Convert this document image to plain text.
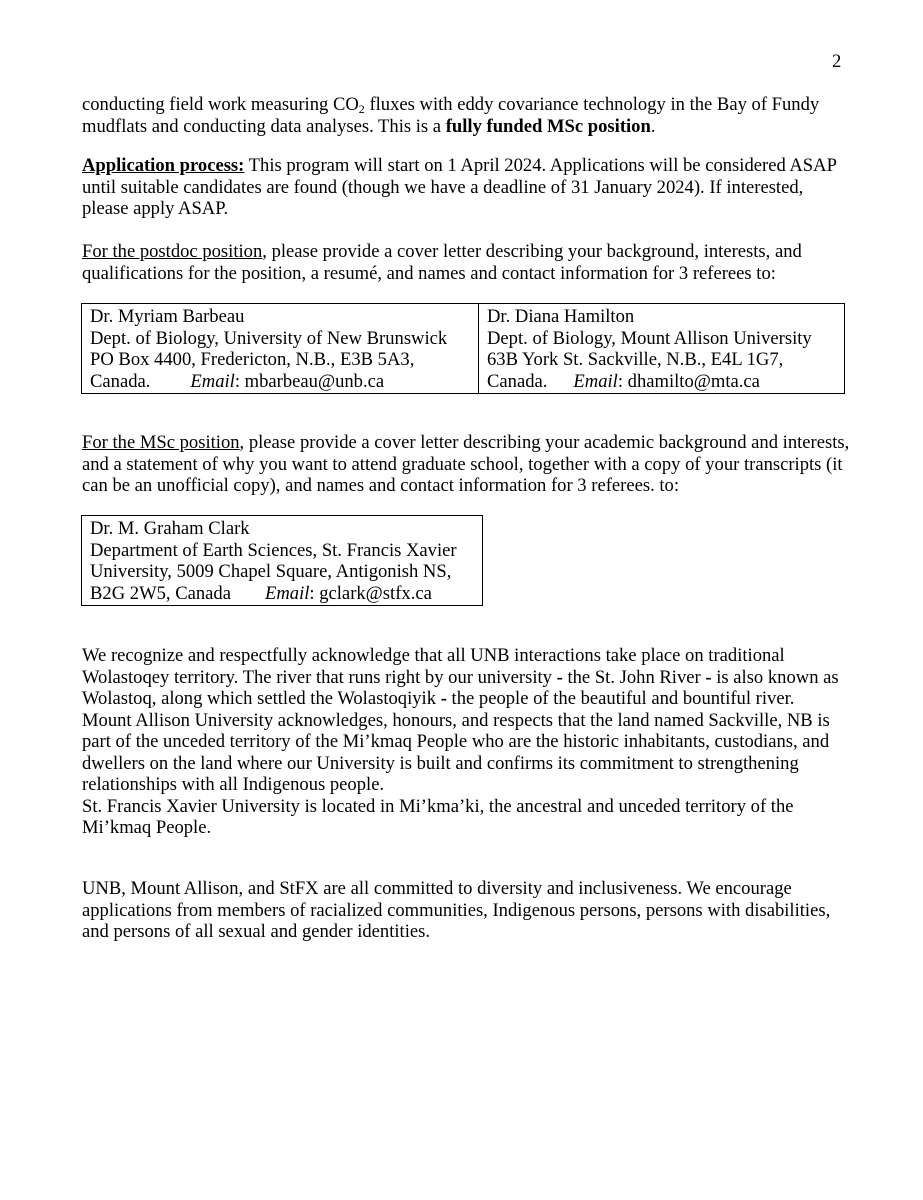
2

conducting field work measuring $CO_2$ fluxes with eddy covariance technology in the Bay of Fundy mudflats and conducting data analyses. This is a fully funded MSc position.

Application process: This program will start on 1 April 2024. Applications will be considered ASAP until suitable candidates are found (though we have a deadline of 31 January 2024). If interested, please apply ASAP.

For the postdoc position, please provide a cover letter describing your background, interests, and qualifications for the position, a resumé, and names and contact information for 3 referees to:

Dr. Myriam Barbeau
Dept. of Biology, University of New Brunswick
PO Box 4400, Fredericton, N.B., E3B 5A3,
Canada. Email: mbarbeau@unb.ca

Dr. Diana Hamilton
Dept. of Biology, Mount Allison University
63B York St. Sackville, N.B., E4L 1G7,
Canada. Email: dhamilto@mta.ca

For the MSc position, please provide a cover letter describing your academic background and interests, and a statement of why you want to attend graduate school, together with a copy of your transcripts (it can be an unofficial copy), and names and contact information for 3 referees. to:

Dr. M. Graham Clark
Department of Earth Sciences, St. Francis Xavier
University, 5009 Chapel Square, Antigonish NS,
B2G 2W5, Canada Email: gclark@stfx.ca

We recognize and respectfully acknowledge that all UNB interactions take place on traditional Wolastoqey territory. The river that runs right by our university - the St. John River - is also known as Wolastoq, along which settled the Wolastoqiyik - the people of the beautiful and bountiful river.

Mount Allison University acknowledges, honours, and respects that the land named Sackville, NB is part of the unceded territory of the Mi’kmaq People who are the historic inhabitants, custodians, and dwellers on the land where our University is built and confirms its commitment to strengthening relationships with all Indigenous people.

St. Francis Xavier University is located in Mi’kma’ki, the ancestral and unceded territory of the Mi’kmaq People.

UNB, Mount Allison, and StFX are all committed to diversity and inclusiveness. We encourage applications from members of racialized communities, Indigenous persons, persons with disabilities, and persons of all sexual and gender identities.
